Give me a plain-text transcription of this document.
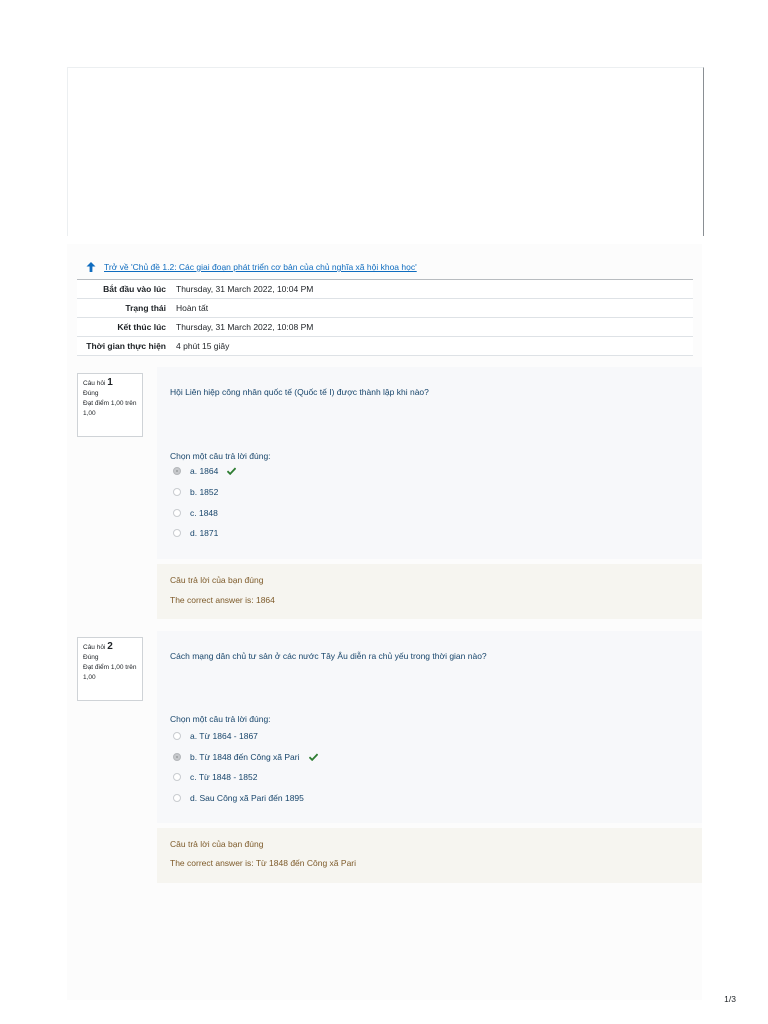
Trở về 'Chủ đề 1.2: Các giai đoạn phát triển cơ bản của chủ nghĩa xã hội khoa học'
Bắt đầu vào lúc	Thursday, 31 March 2022, 10:04 PM
Trạng thái	Hoàn tất
Kết thúc lúc	Thursday, 31 March 2022, 10:08 PM
Thời gian thực hiện	4 phút 15 giây
Câu hỏi 1
Đúng
Đạt điểm 1,00 trên 1,00
Hội Liên hiệp công nhân quốc tế (Quốc tế I) được thành lập khi nào?
Chọn một câu trả lời đúng:
a. 1864
b. 1852
c. 1848
d. 1871
Câu trả lời của bạn đúng
The correct answer is: 1864
Câu hỏi 2
Đúng
Đạt điểm 1,00 trên 1,00
Cách mạng dân chủ tư sản ở các nước Tây Âu diễn ra chủ yếu trong thời gian nào?
Chọn một câu trả lời đúng:
a. Từ 1864 - 1867
b. Từ 1848 đến Công xã Pari
c. Từ 1848 - 1852
d. Sau Công xã Pari đến 1895
Câu trả lời của bạn đúng
The correct answer is: Từ 1848 đến Công xã Pari
1/3
